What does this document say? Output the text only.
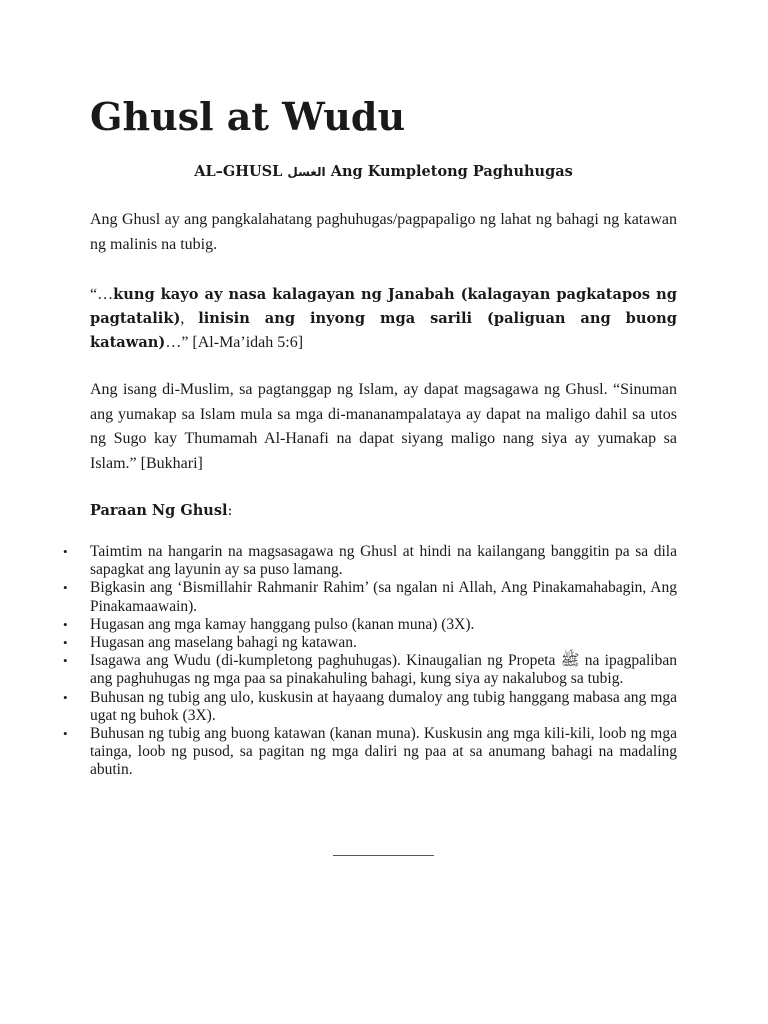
Ghusl at Wudu
AL–GHUSL الغسل Ang Kumpletong Paghuhugas

Ang Ghusl ay ang pangkalahatang paghuhugas/pagpapaligo ng lahat ng bahagi ng katawan ng malinis na tubig.

“…kung kayo ay nasa kalagayan ng Janabah (kalagayan pagkatapos ng pagtatalik), linisin ang inyong mga sarili (paliguan ang buong katawan)…” [Al-Ma’idah 5:6]

Ang isang di-Muslim, sa pagtanggap ng Islam, ay dapat magsagawa ng Ghusl. “Sinuman ang yumakap sa Islam mula sa mga di-mananampalataya ay dapat na maligo dahil sa utos ng Sugo kay Thumamah Al-Hanafi na dapat siyang maligo nang siya ay yumakap sa Islam.” [Bukhari]

Paraan Ng Ghusl:
• Taimtim na hangarin na magsasagawa ng Ghusl at hindi na kailangang banggitin pa sa dila sapagkat ang layunin ay sa puso lamang.
• Bigkasin ang ‘Bismillahir Rahmanir Rahim’ (sa ngalan ni Allah, Ang Pinakamahabagin, Ang Pinakamaawain).
• Hugasan ang mga kamay hanggang pulso (kanan muna) (3X).
• Hugasan ang maselang bahagi ng katawan.
• Isagawa ang Wudu (di-kumpletong paghuhugas). Kinaugalian ng Propeta ﷺ na ipagpaliban ang paghuhugas ng mga paa sa pinakahuling bahagi, kung siya ay nakalubog sa tubig.
• Buhusan ng tubig ang ulo, kuskusin at hayaang dumaloy ang tubig hanggang mabasa ang mga ugat ng buhok (3X).
• Buhusan ng tubig ang buong katawan (kanan muna). Kuskusin ang mga kili-kili, loob ng mga tainga, loob ng pusod, sa pagitan ng mga daliri ng paa at sa anumang bahagi na madaling abutin.
